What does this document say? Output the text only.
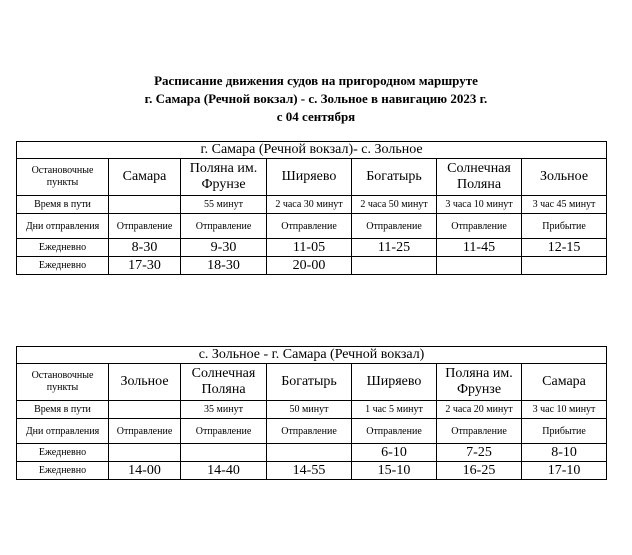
Расписание движения судов на пригородном маршруте
г. Самара (Речной вокзал) - с. Зольное в навигацию 2023 г.
с 04 сентября
г. Самара (Речной вокзал)- с. Зольное						
Остановочные пункты	Самара	Поляна им. Фрунзе	Ширяево	Богатырь	Солнечная Поляна	Зольное
Время в пути		55 минут	2 часа 30 минут	2 часа 50 минут	3 часа 10 минут	3 час 45 минут
Дни отправления	Отправление	Отправление	Отправление	Отправление	Отправление	Прибытие
Ежедневно	8-30	9-30	11-05	11-25	11-45	12-15
Ежедневно	17-30	18-30	20-00			
с. Зольное - г. Самара (Речной вокзал)						
Остановочные пункты	Зольное	Солнечная Поляна	Богатырь	Ширяево	Поляна им. Фрунзе	Самара
Время в пути		35 минут	50 минут	1 час 5 минут	2 часа 20 минут	3 час 10 минут
Дни отправления	Отправление	Отправление	Отправление	Отправление	Отправление	Прибытие
Ежедневно				6-10	7-25	8-10
Ежедневно	14-00	14-40	14-55	15-10	16-25	17-10
